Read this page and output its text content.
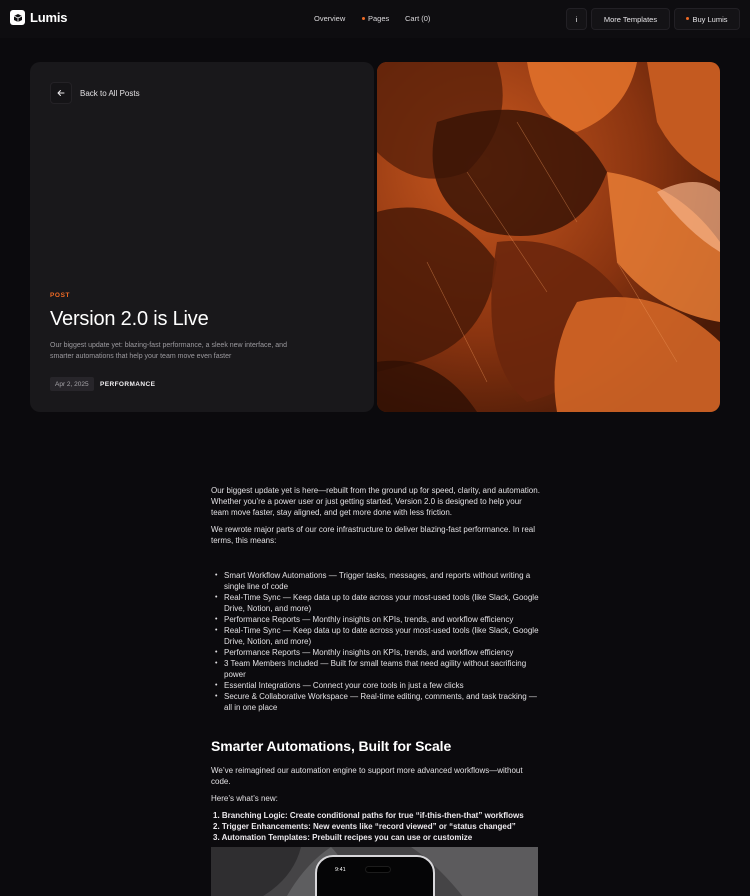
Lumis	Overview	Pages Cart (0)	i	More Templates	Buy Lumis
Back to All Posts
POST
Version 2.0 is Live

Our biggest update yet: blazing-fast performance, a sleek new interface, and smarter automations that help your team move even faster

Apr 2, 2025	PERFORMANCE

Our biggest update yet is here—rebuilt from the ground up for speed, clarity, and automation. Whether you’re a power user or just getting started, Version 2.0 is designed to help your team move faster, stay aligned, and get more done with less friction.

We rewrote major parts of our core infrastructure to deliver blazing-fast performance. In real terms, this means:

• Smart Workflow Automations — Trigger tasks, messages, and reports without writing a single line of code
• Real-Time Sync — Keep data up to date across your most-used tools (like Slack, Google Drive, Notion, and more)
• Performance Reports — Monthly insights on KPIs, trends, and workflow efficiency
• Real-Time Sync — Keep data up to date across your most-used tools (like Slack, Google Drive, Notion, and more)
• Performance Reports — Monthly insights on KPIs, trends, and workflow efficiency
• 3 Team Members Included — Built for small teams that need agility without sacrificing power
• Essential Integrations — Connect your core tools in just a few clicks
• Secure & Collaborative Workspace — Real-time editing, comments, and task tracking — all in one place
Smarter Automations, Built for Scale

We’ve reimagined our automation engine to support more advanced workflows—without code.

Here’s what’s new:

1. Branching Logic: Create conditional paths for true “if-this-then-that” workflows
2. Trigger Enhancements: New events like “record viewed” or “status changed”
3. Automation Templates: Prebuilt recipes you can use or customize
9:41
